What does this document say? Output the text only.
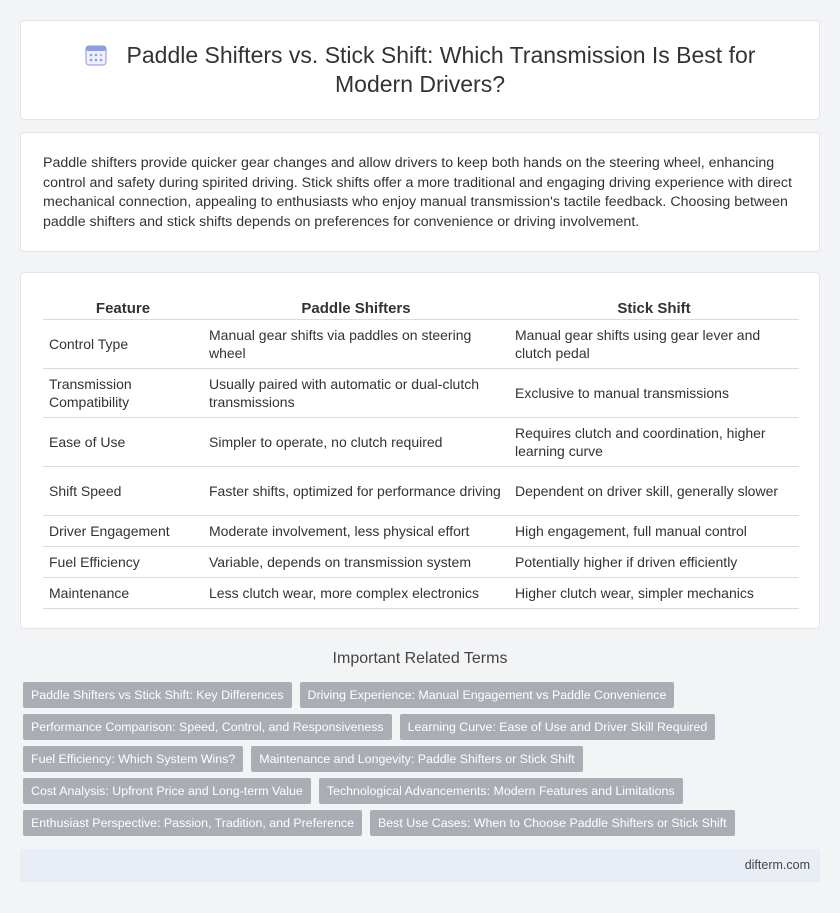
Paddle Shifters vs. Stick Shift: Which Transmission Is Best for Modern Drivers?

Paddle shifters provide quicker gear changes and allow drivers to keep both hands on the steering wheel, enhancing control and safety during spirited driving. Stick shifts offer a more traditional and engaging driving experience with direct mechanical connection, appealing to enthusiasts who enjoy manual transmission's tactile feedback. Choosing between paddle shifters and stick shifts depends on preferences for convenience or driving involvement.

Feature	Paddle Shifters	Stick Shift
Control Type	Manual gear shifts via paddles on steering wheel	Manual gear shifts using gear lever and clutch pedal
Transmission Compatibility	Usually paired with automatic or dual-clutch transmissions	Exclusive to manual transmissions
Ease of Use	Simpler to operate, no clutch required	Requires clutch and coordination, higher learning curve
Shift Speed	Faster shifts, optimized for performance driving	Dependent on driver skill, generally slower
Driver Engagement	Moderate involvement, less physical effort	High engagement, full manual control
Fuel Efficiency	Variable, depends on transmission system	Potentially higher if driven efficiently
Maintenance	Less clutch wear, more complex electronics	Higher clutch wear, simpler mechanics
Important Related Terms
Paddle Shifters vs Stick Shift: Key Differences	Driving Experience: Manual Engagement vs Paddle Convenience
Performance Comparison: Speed, Control, and Responsiveness	Learning Curve: Ease of Use and Driver Skill Required
Fuel Efficiency: Which System Wins?	Maintenance and Longevity: Paddle Shifters or Stick Shift
Cost Analysis: Upfront Price and Long-term Value	Technological Advancements: Modern Features and Limitations
Enthusiast Perspective: Passion, Tradition, and Preference	Best Use Cases: When to Choose Paddle Shifters or Stick Shift
difterm.com
